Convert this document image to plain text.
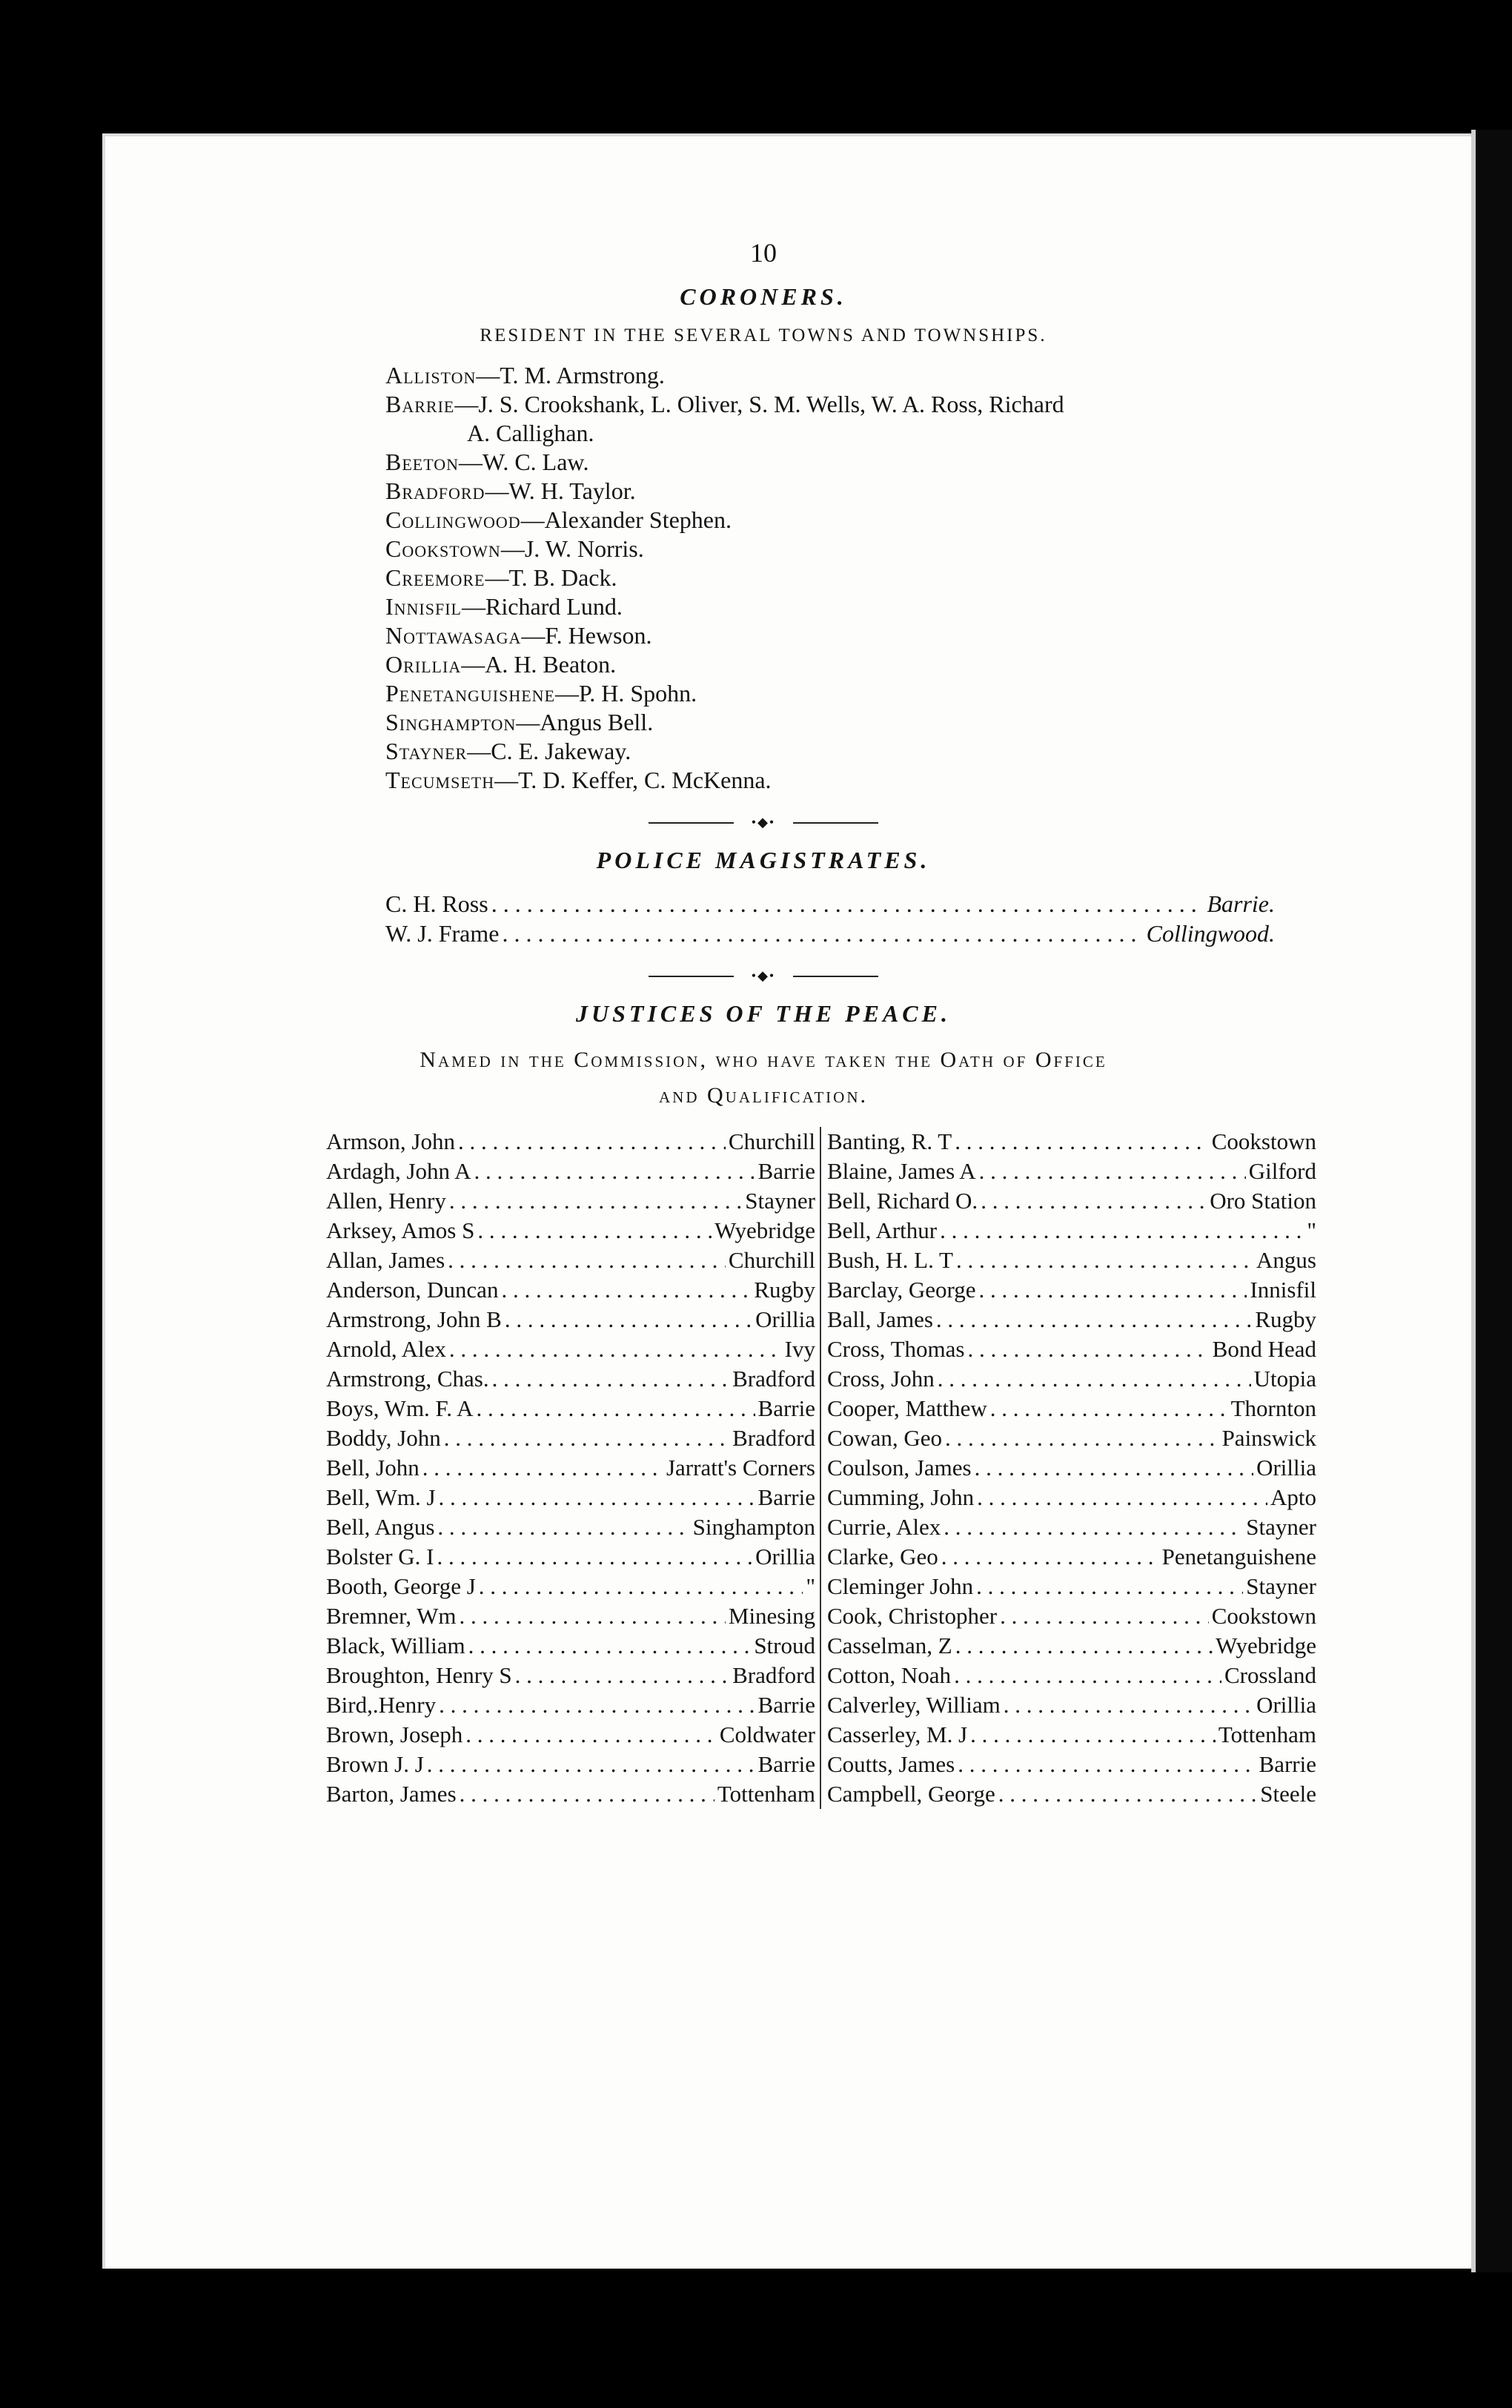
10
CORONERS.
RESIDENT IN THE SEVERAL TOWNS AND TOWNSHIPS.
Alliston—T. M. Armstrong.
Barrie—J. S. Crookshank, L. Oliver, S. M. Wells, W. A. Ross, Richard
A. Callighan.
Beeton—W. C. Law.
Bradford—W. H. Taylor.
Collingwood—Alexander Stephen.
Cookstown—J. W. Norris.
Creemore—T. B. Dack.
Innisfil—Richard Lund.
Nottawasaga—F. Hewson.
Orillia—A. H. Beaton.
Penetanguishene—P. H. Spohn.
Singhampton—Angus Bell.
Stayner—C. E. Jakeway.
Tecumseth—T. D. Keffer, C. McKenna.
•◆•
POLICE MAGISTRATES.
C. H. Ross . . .	Barrie.
W. J. Frame . . .	Collingwood.
•◆•
JUSTICES OF THE PEACE.
Named in the Commission, who have taken the Oath of Office
and Qualification.
Armson, John . . .	Churchill
Ardagh, John A . . .	Barrie
Allen, Henry . . .	Stayner
Arksey, Amos S . . .	Wyebridge
Allan, James . . .	Churchill
Anderson, Duncan . . .	Rugby
Armstrong, John B . . .	Orillia
Arnold, Alex . . .	Ivy
Armstrong, Chas. . . .	Bradford
Boys, Wm. F. A . . .	Barrie
Boddy, John . . .	Bradford
Bell, John . . .	Jarratt's Corners
Bell, Wm. J . . .	Barrie
Bell, Angus . . .	Singhampton
Bolster G. I . . .	Orillia
Booth, George J . . .	"
Bremner, Wm . . .	Minesing
Black, William . . .	Stroud
Broughton, Henry S . . .	Bradford
Bird,.Henry . . .	Barrie
Brown, Joseph . . .	Coldwater
Brown J. J . . .	Barrie
Barton, James . . .	Tottenham
Banting, R. T . . .	Cookstown
Blaine, James A . . .	Gilford
Bell, Richard O. . . .	Oro Station
Bell, Arthur . . .	"
Bush, H. L. T . . .	Angus
Barclay, George . . .	Innisfil
Ball, James . . .	Rugby
Cross, Thomas . . .	Bond Head
Cross, John . . .	Utopia
Cooper, Matthew . . .	Thornton
Cowan, Geo . . .	Painswick
Coulson, James . . .	Orillia
Cumming, John . . .	Apto
Currie, Alex . . .	Stayner
Clarke, Geo . . .	Penetanguishene
Cleminger John . . .	Stayner
Cook, Christopher . . .	Cookstown
Casselman, Z . . .	Wyebridge
Cotton, Noah . . .	Crossland
Calverley, William . . .	Orillia
Casserley, M. J . . .	Tottenham
Coutts, James . . .	Barrie
Campbell, George . . .	Steele
